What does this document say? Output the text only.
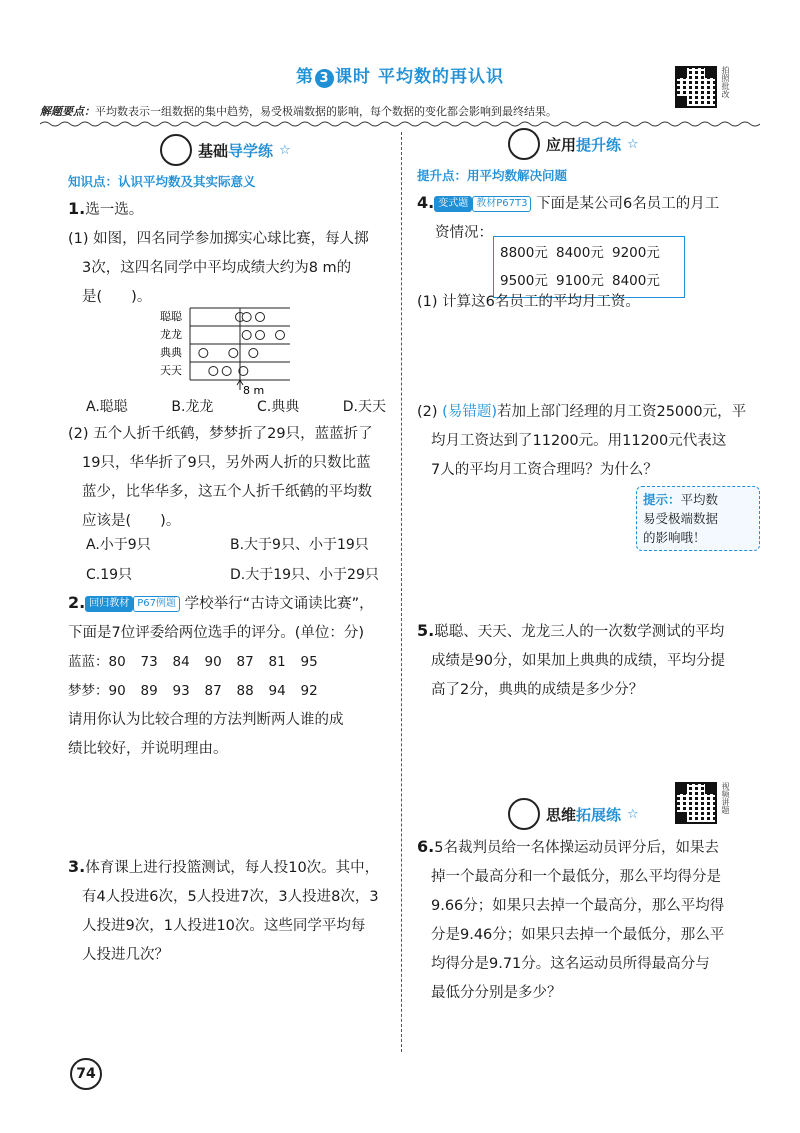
第 3 课时 平均数的再认识	拍照批改
解题要点：平均数表示一组数据的集中趋势，易受极端数据的影响，每个数据的变化都会影响到最终结果。
基础导学练 ☆
知识点：认识平均数及其实际意义
1.选一选。
(1) 如图，四名同学参加掷实心球比赛，每人掷
3次，这四名同学中平均成绩大约为8 m的
是(　　)。
聪聪
龙龙
典典
天天
8 m
A.聪聪	B.龙龙	C.典典	D.天天
(2) 五个人折千纸鹤，梦梦折了29只，蓝蓝折了
19只，华华折了9只，另外两人折的只数比蓝
蓝少，比华华多，这五个人折千纸鹤的平均数
应该是(　　)。
A.小于9只	B.大于9只、小于19只
C.19只	D.大于19只、小于29只
2. 回归教材 P67例题 学校举行“古诗文诵读比赛”，
下面是7位评委给两位选手的评分。(单位：分)
蓝蓝：80 73 84 90 87 81 95
梦梦：90 89 93 87 88 94 92
请用你认为比较合理的方法判断两人谁的成
绩比较好，并说明理由。
3.体育课上进行投篮测试，每人投10次。其中，
有4人投进6次，5人投进7次，3人投进8次，3
人投进9次，1人投进10次。这些同学平均每
人投进几次？
应用提升练 ☆
提升点：用平均数解决问题
4. 变式题 教材P67T3 下面是某公司6名员工的月工
资情况：
8800元 8400元 9200元
9500元 9100元 8400元
(1) 计算这6名员工的平均月工资。
(2) (易错题)若加上部门经理的月工资25000元，平
均月工资达到了11200元。用11200元代表这
7人的平均月工资合理吗？为什么？
提示：平均数
易受极端数据
的影响哦！
5.聪聪、天天、龙龙三人的一次数学测试的平均
成绩是90分，如果加上典典的成绩，平均分提
高了2分，典典的成绩是多少分？
思维拓展练 ☆	视频讲题
6.5名裁判员给一名体操运动员评分后，如果去
掉一个最高分和一个最低分，那么平均得分是
9.66分；如果只去掉一个最高分，那么平均得
分是9.46分；如果只去掉一个最低分，那么平
均得分是9.71分。这名运动员所得最高分与
最低分分别是多少？
74
